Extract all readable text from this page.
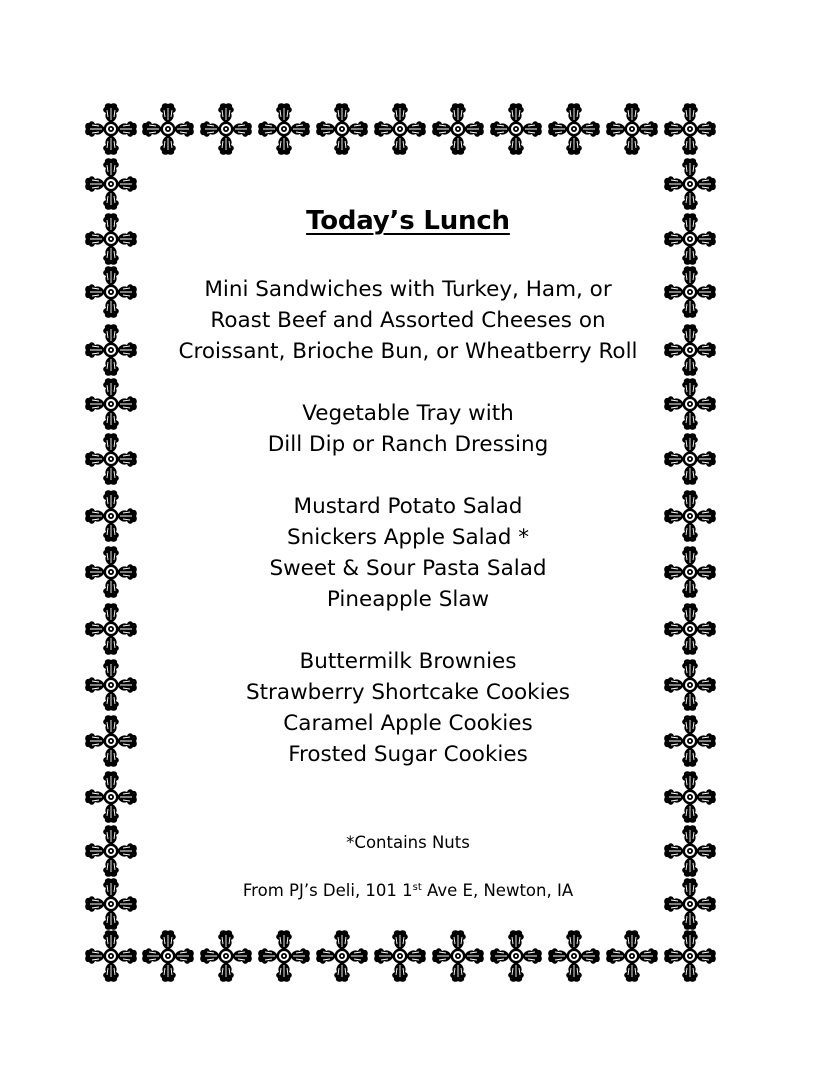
Today’s Lunch
Mini Sandwiches with Turkey, Ham, or
Roast Beef and Assorted Cheeses on
Croissant, Brioche Bun, or Wheatberry Roll
Vegetable Tray with
Dill Dip or Ranch Dressing
Mustard Potato Salad
Snickers Apple Salad *
Sweet & Sour Pasta Salad
Pineapple Slaw
Buttermilk Brownies
Strawberry Shortcake Cookies
Caramel Apple Cookies
Frosted Sugar Cookies
*Contains Nuts
From PJ’s Deli, 101 1st Ave E, Newton, IA
